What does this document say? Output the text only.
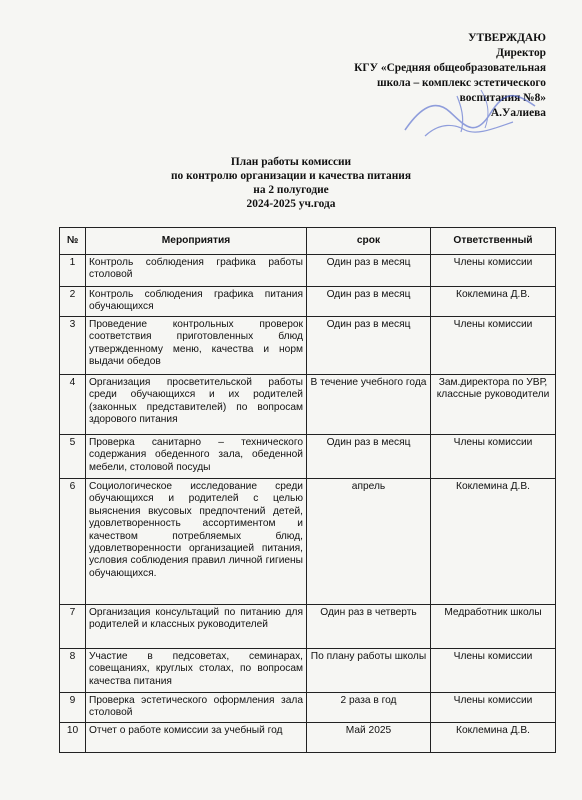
УТВЕРЖДАЮ
Директор
КГУ «Средняя общеобразовательная
школа – комплекс эстетического
воспитания №8»
А.Уалиева
План работы комиссии
по контролю организации и качества питания
на 2 полугодие
2024-2025 уч.года
№	Мероприятия	срок	Ответственный
1	Контроль соблюдения графика работы столовой	Один раз в месяц	Члены комиссии
2	Контроль соблюдения графика питания обучающихся	Один раз в месяц	Коклемина Д.В.
3	Проведение контрольных проверок соответствия приготовленных блюд утвержденному меню, качества и норм выдачи обедов	Один раз в месяц	Члены комиссии
4	Организация просветительской работы среди обучающихся и их родителей (законных представителей) по вопросам здорового питания	В течение учебного года	Зам.директора по УВР, классные руководители
5	Проверка санитарно – технического содержания обеденного зала, обеденной мебели, столовой посуды	Один раз в месяц	Члены комиссии
6	Социологическое исследование среди обучающихся и родителей с целью выяснения вкусовых предпочтений детей, удовлетворенность ассортиментом и качеством потребляемых блюд, удовлетворенности организацией питания, условия соблюдения правил личной гигиены обучающихся.	апрель	Коклемина Д.В.
7	Организация консультаций по питанию для родителей и классных руководителей	Один раз в четверть	Медработник школы
8	Участие в педсоветах, семинарах, совещаниях, круглых столах, по вопросам качества питания	По плану работы школы	Члены комиссии
9	Проверка эстетического оформления зала столовой	2 раза в год	Члены комиссии
10	Отчет о работе комиссии за учебный год	Май 2025	Коклемина Д.В.
